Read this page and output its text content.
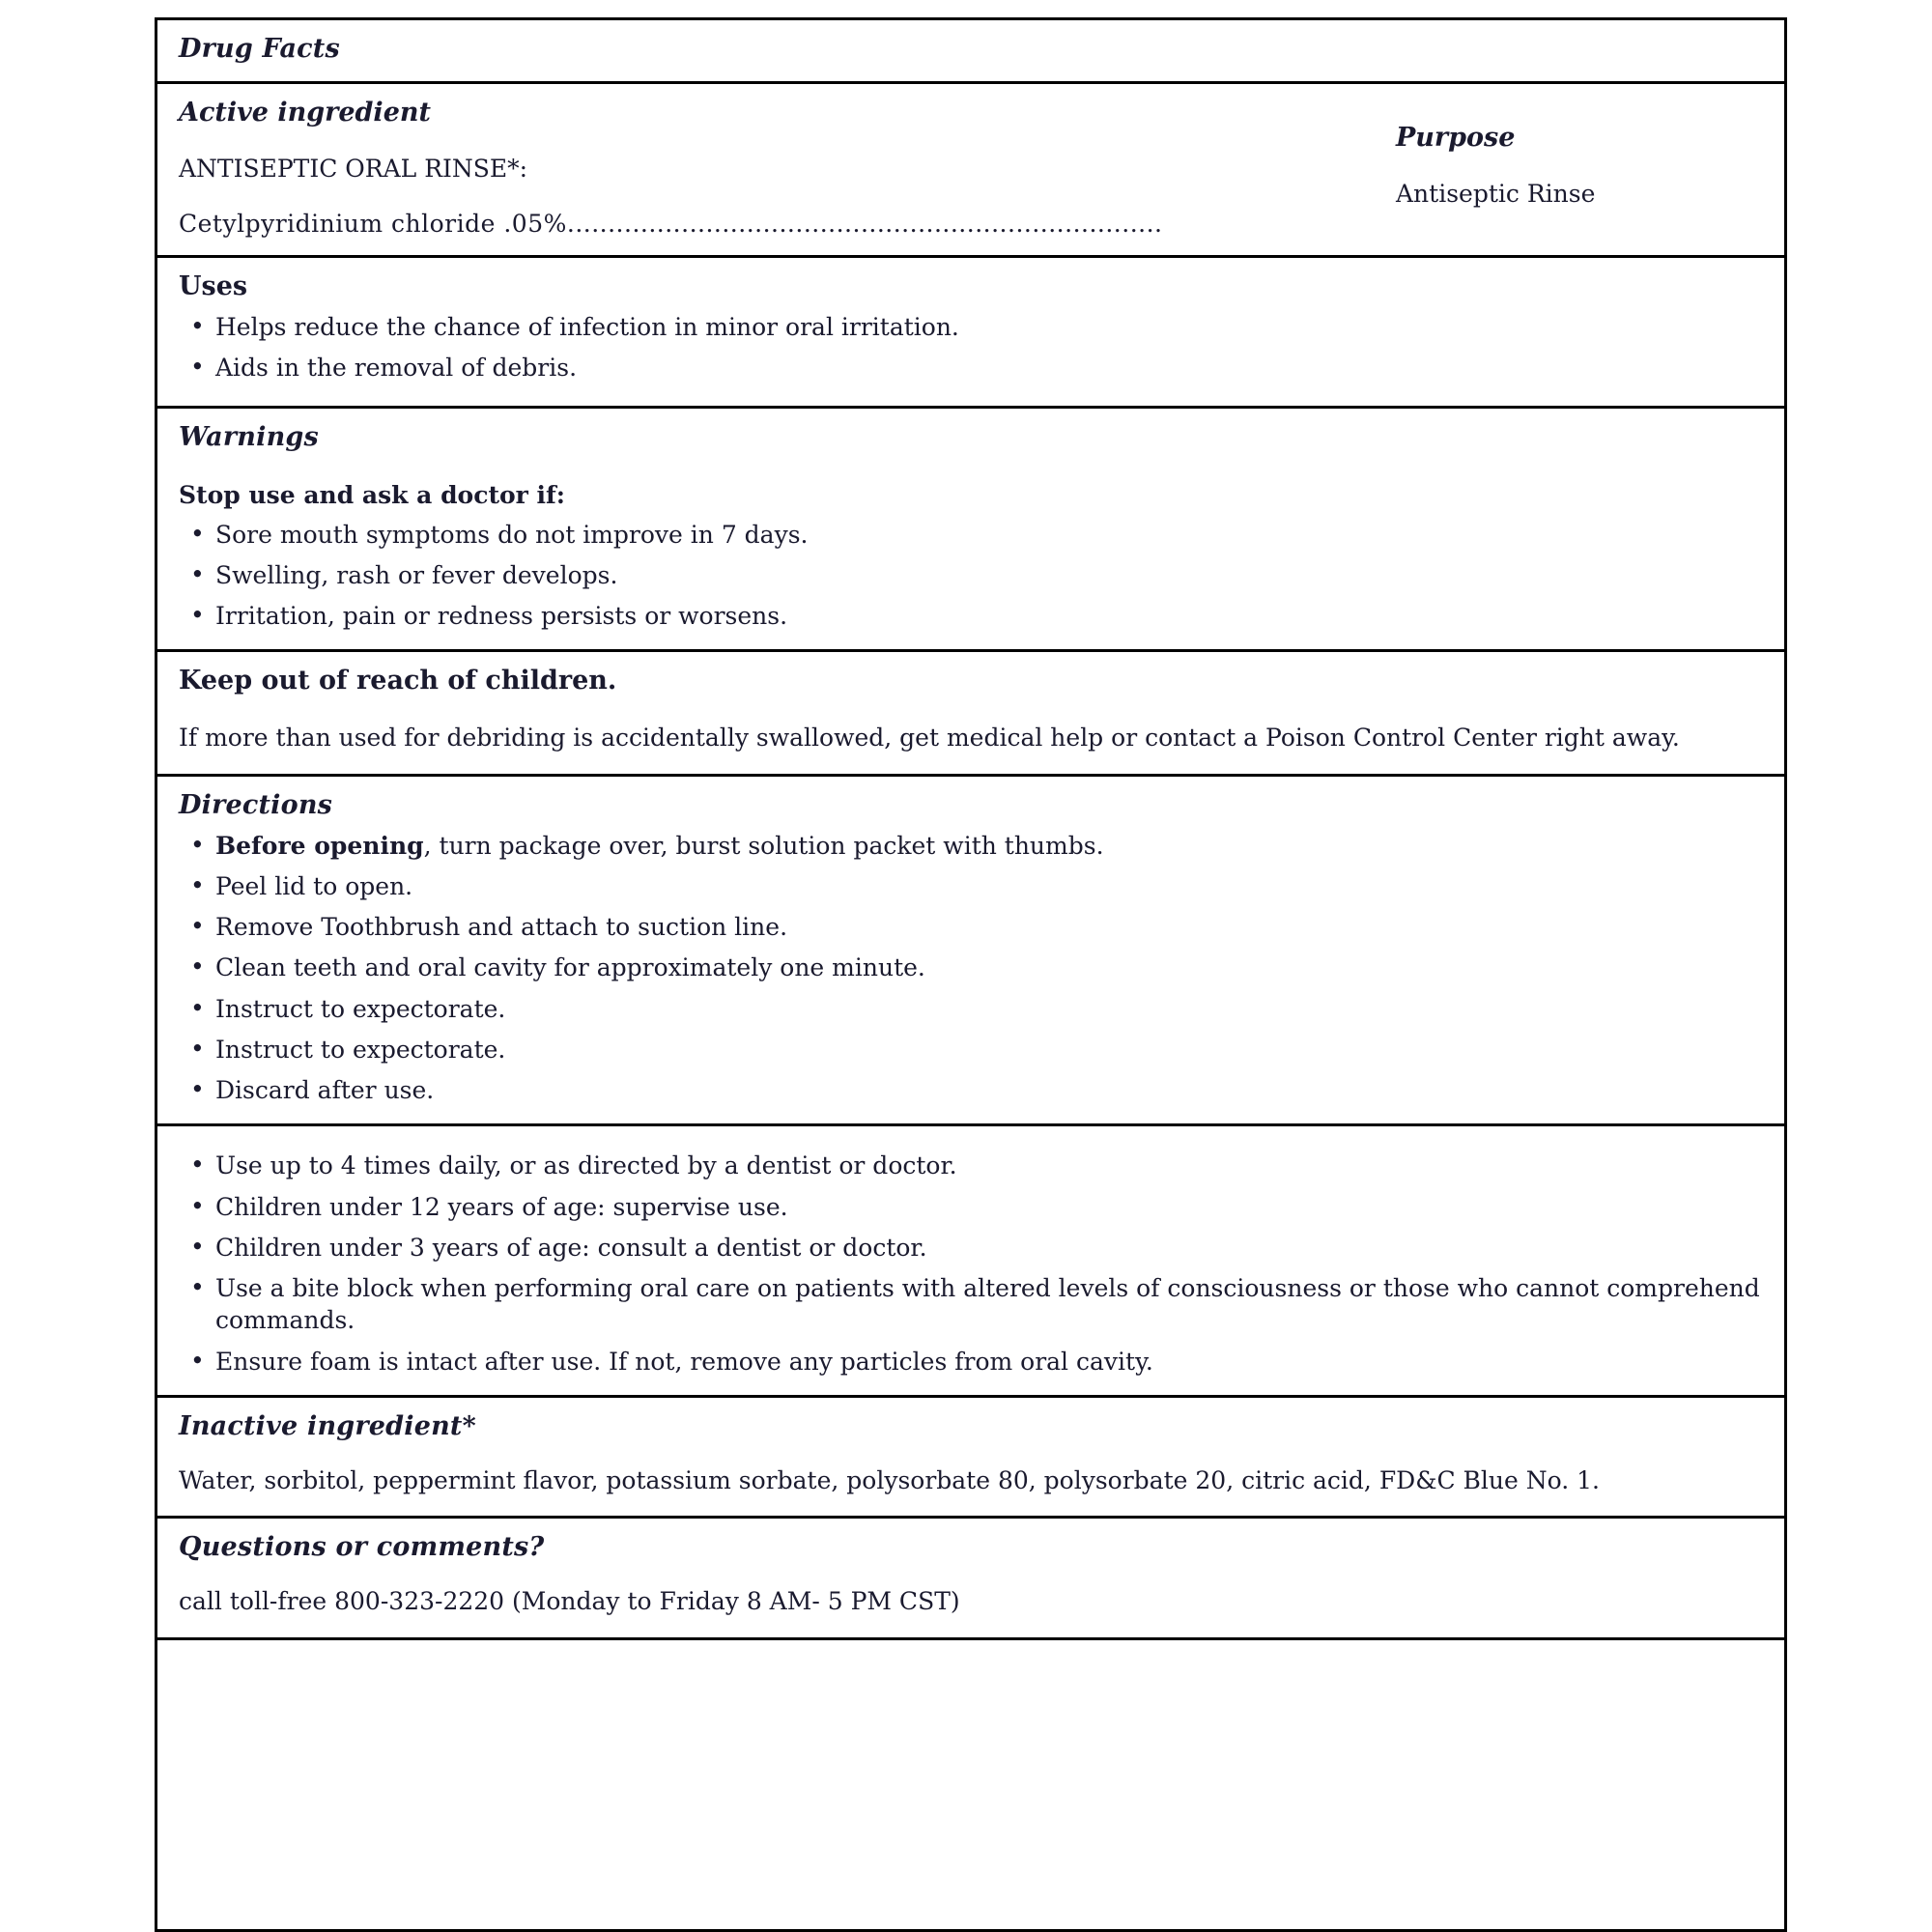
Drug Facts
Active ingredient
ANTISEPTIC ORAL RINSE*:
Cetylpyridinium chloride .05%.........................................................................
Purpose
Antiseptic Rinse
Uses
• Helps reduce the chance of infection in minor oral irritation.
• Aids in the removal of debris.
Warnings
Stop use and ask a doctor if:
• Sore mouth symptoms do not improve in 7 days.
• Swelling, rash or fever develops.
• Irritation, pain or redness persists or worsens.
Keep out of reach of children.
If more than used for debriding is accidentally swallowed, get medical help or contact a Poison Control Center right away.
Directions
• Before opening, turn package over, burst solution packet with thumbs.
• Peel lid to open.
• Remove Toothbrush and attach to suction line.
• Clean teeth and oral cavity for approximately one minute.
• Instruct to expectorate.
• Instruct to expectorate.
• Discard after use.
• Use up to 4 times daily, or as directed by a dentist or doctor.
• Children under 12 years of age: supervise use.
• Children under 3 years of age: consult a dentist or doctor.
• Use a bite block when performing oral care on patients with altered levels of consciousness or those who cannot comprehend commands.
• Ensure foam is intact after use. If not, remove any particles from oral cavity.
Inactive ingredient*
Water, sorbitol, peppermint flavor, potassium sorbate, polysorbate 80, polysorbate 20, citric acid, FD&C Blue No. 1.
Questions or comments?
call toll-free 800-323-2220 (Monday to Friday 8 AM- 5 PM CST)
